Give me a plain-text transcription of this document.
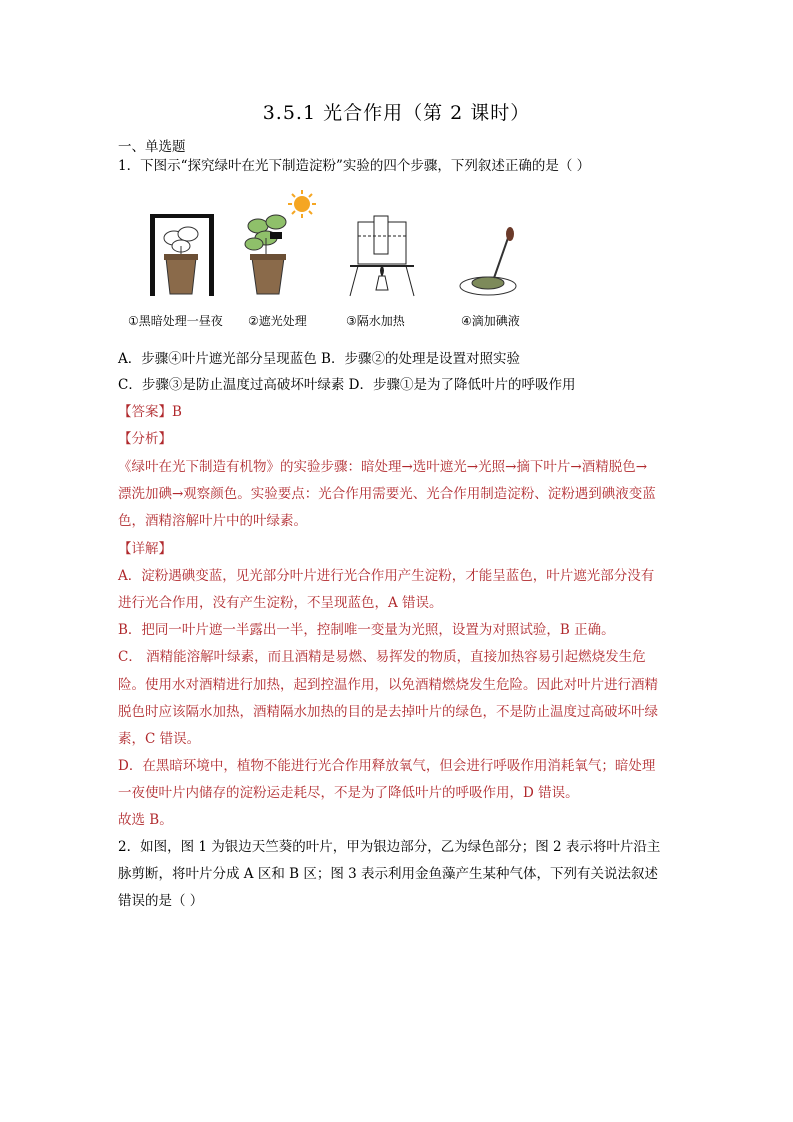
3.5.1 光合作用（第 2 课时）
一、单选题
1．下图示“探究绿叶在光下制造淀粉”实验的四个步骤，下列叙述正确的是（ ）
①黑暗处理一昼夜 ②遮光处理	③隔水加热	④滴加碘液
A．步骤④叶片遮光部分呈现蓝色 B．步骤②的处理是设置对照实验
C．步骤③是防止温度过高破坏叶绿素 D．步骤①是为了降低叶片的呼吸作用
【答案】B
【分析】
《绿叶在光下制造有机物》的实验步骤：暗处理→选叶遮光→光照→摘下叶片→酒精脱色→
漂洗加碘→观察颜色。实验要点：光合作用需要光、光合作用制造淀粉、淀粉遇到碘液变蓝
色，酒精溶解叶片中的叶绿素。
【详解】
A．淀粉遇碘变蓝，见光部分叶片进行光合作用产生淀粉，才能呈蓝色，叶片遮光部分没有
进行光合作用，没有产生淀粉，不呈现蓝色，A 错误。
B．把同一叶片遮一半露出一半，控制唯一变量为光照，设置为对照试验，B 正确。
C． 酒精能溶解叶绿素，而且酒精是易燃、易挥发的物质，直接加热容易引起燃烧发生危
险。使用水对酒精进行加热，起到控温作用，以免酒精燃烧发生危险。因此对叶片进行酒精
脱色时应该隔水加热，酒精隔水加热的目的是去掉叶片的绿色，不是防止温度过高破坏叶绿
素，C 错误。
D．在黑暗环境中，植物不能进行光合作用释放氧气，但会进行呼吸作用消耗氧气；暗处理
一夜使叶片内储存的淀粉运走耗尽，不是为了降低叶片的呼吸作用，D 错误。
故选 B。
2．如图，图 1 为银边天竺葵的叶片，甲为银边部分，乙为绿色部分；图 2 表示将叶片沿主
脉剪断，将叶片分成 A 区和 B 区；图 3 表示利用金鱼藻产生某种气体，下列有关说法叙述
错误的是（ ）
